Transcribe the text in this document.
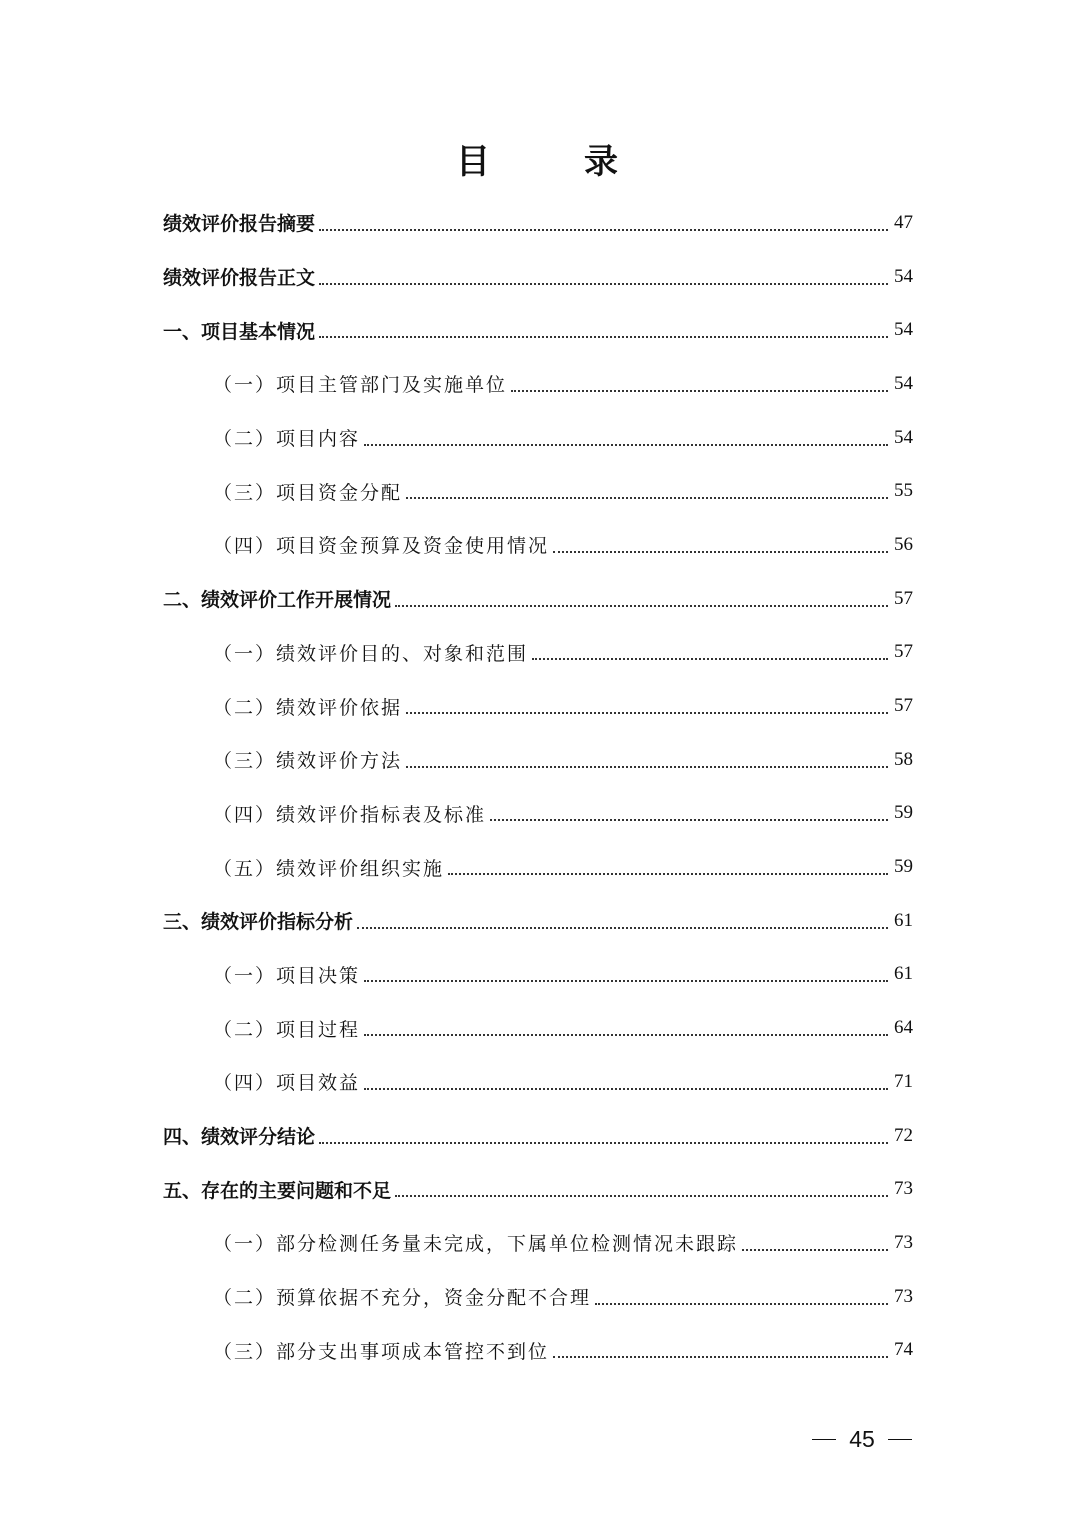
目　录
绩效评价报告摘要	47
绩效评价报告正文	54
一、项目基本情况	54
（一）项目主管部门及实施单位	54
（二）项目内容	54
（三）项目资金分配	55
（四）项目资金预算及资金使用情况	56
二、绩效评价工作开展情况	57
（一）绩效评价目的、对象和范围	57
（二）绩效评价依据	57
（三）绩效评价方法	58
（四）绩效评价指标表及标准	59
（五）绩效评价组织实施	59
三、绩效评价指标分析	61
（一）项目决策	61
（二）项目过程	64
（四）项目效益	71
四、绩效评分结论	72
五、存在的主要问题和不足	73
（一）部分检测任务量未完成，下属单位检测情况未跟踪	73
（二）预算依据不充分，资金分配不合理	73
（三）部分支出事项成本管控不到位	74
45
